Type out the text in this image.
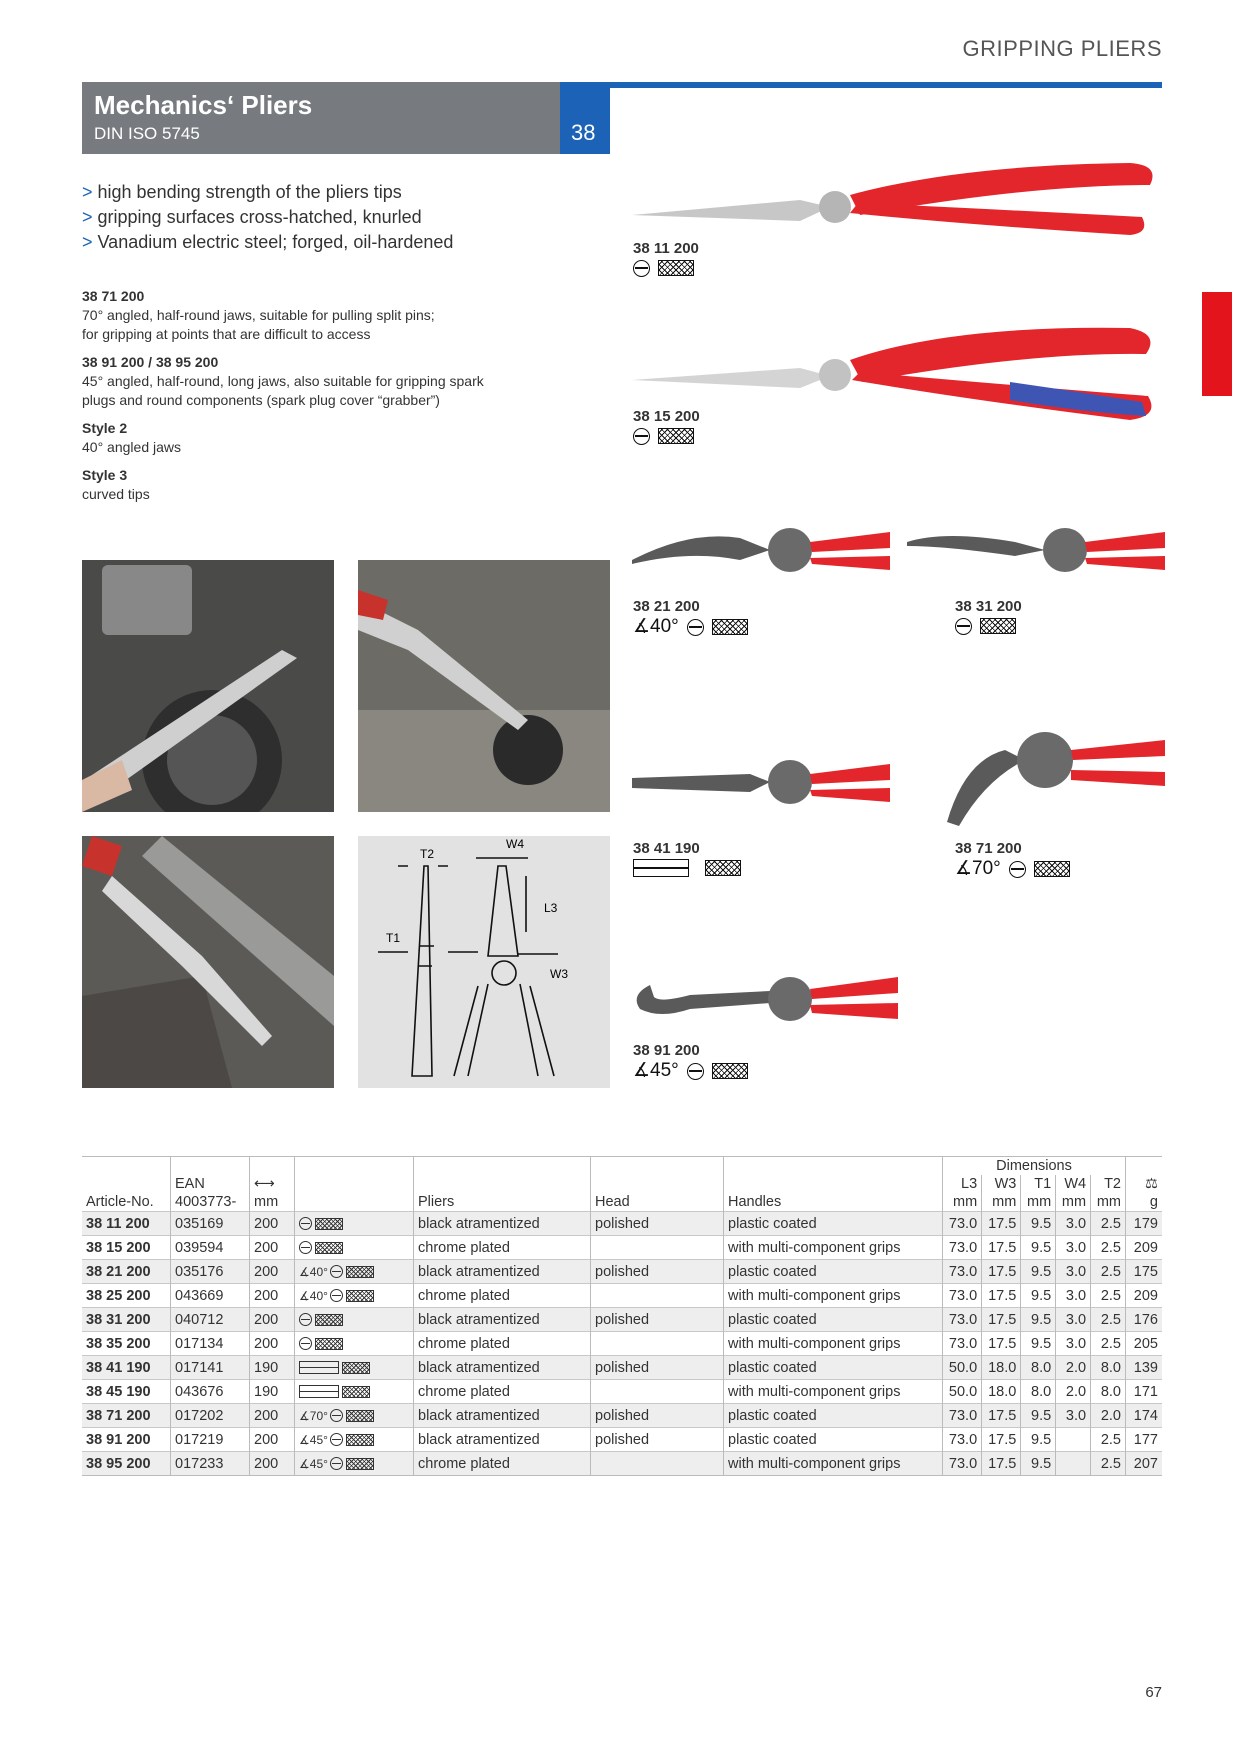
GRIPPING PLIERS
Mechanics‘ Pliers
DIN ISO 5745	38
> high bending strength of the pliers tips
> gripping surfaces cross-hatched, knurled
> Vanadium electric steel; forged, oil-hardened
38 71 200

70° angled, half-round jaws, suitable for pulling split pins;

for gripping at points that are difficult to access

38 91 200 / 38 95 200

45° angled, half-round, long jaws, also suitable for gripping spark

plugs and round components (spark plug cover “grabber”)

Style 2

40° angled jaws

Style 3

curved tips

T2
W4
L3
T1
W3
38 11 200
38 15 200
38 21 200
∡40°
38 31 200
38 41 190	38 71 200
∡70°
38 91 200
∡45°
							Dimensions					
	EAN	⟷					L3	W3	T1	W4	T2	⚖
Article-No.	4003773-	mm		Pliers	Head	Handles	mm	mm	mm	mm	mm	g
38 11 200	035169	200		black atramentized	polished	plastic coated	73.0	17.5	9.5	3.0	2.5	179
38 15 200	039594	200		chrome plated		with multi-component grips	73.0	17.5	9.5	3.0	2.5	209
38 21 200	035176	200	∡40°	black atramentized	polished	plastic coated	73.0	17.5	9.5	3.0	2.5	175
38 25 200	043669	200	∡40°	chrome plated		with multi-component grips	73.0	17.5	9.5	3.0	2.5	209
38 31 200	040712	200		black atramentized	polished	plastic coated	73.0	17.5	9.5	3.0	2.5	176
38 35 200	017134	200		chrome plated		with multi-component grips	73.0	17.5	9.5	3.0	2.5	205
38 41 190	017141	190		black atramentized	polished	plastic coated	50.0	18.0	8.0	2.0	8.0	139
38 45 190	043676	190		chrome plated		with multi-component grips	50.0	18.0	8.0	2.0	8.0	171
38 71 200	017202	200	∡70°	black atramentized	polished	plastic coated	73.0	17.5	9.5	3.0	2.0	174
38 91 200	017219	200	∡45°	black atramentized	polished	plastic coated	73.0	17.5	9.5		2.5	177
38 95 200	017233	200	∡45°	chrome plated		with multi-component grips	73.0	17.5	9.5		2.5	207
67
